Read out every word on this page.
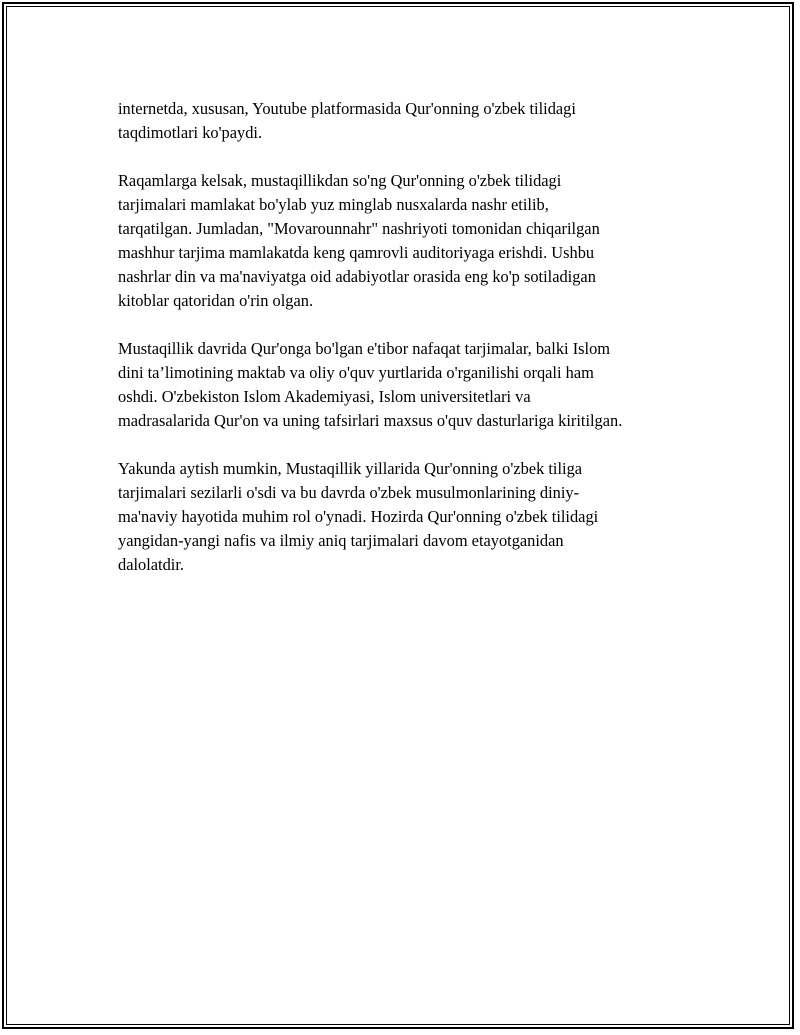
internetda, xususan, Youtube platformasida Qur'onning o'zbek tilidagi
taqdimotlari ko'paydi.

Raqamlarga kelsak, mustaqillikdan so'ng Qur'onning o'zbek tilidagi
tarjimalari mamlakat bo'ylab yuz minglab nusxalarda nashr etilib,
tarqatilgan. Jumladan, "Movarounnahr" nashriyoti tomonidan chiqarilgan
mashhur tarjima mamlakatda keng qamrovli auditoriyaga erishdi. Ushbu
nashrlar din va ma'naviyatga oid adabiyotlar orasida eng ko'p sotiladigan
kitoblar qatoridan o'rin olgan.

Mustaqillik davrida Qur'onga bo'lgan e'tibor nafaqat tarjimalar, balki Islom
dini ta’limotining maktab va oliy o'quv yurtlarida o'rganilishi orqali ham
oshdi. O'zbekiston Islom Akademiyasi, Islom universitetlari va
madrasalarida Qur'on va uning tafsirlari maxsus o'quv dasturlariga kiritilgan.

Yakunda aytish mumkin, Mustaqillik yillarida Qur'onning o'zbek tiliga
tarjimalari sezilarli o'sdi va bu davrda o'zbek musulmonlarining diniy-
ma'naviy hayotida muhim rol o'ynadi. Hozirda Qur'onning o'zbek tilidagi
yangidan-yangi nafis va ilmiy aniq tarjimalari davom etayotganidan
dalolatdir.
